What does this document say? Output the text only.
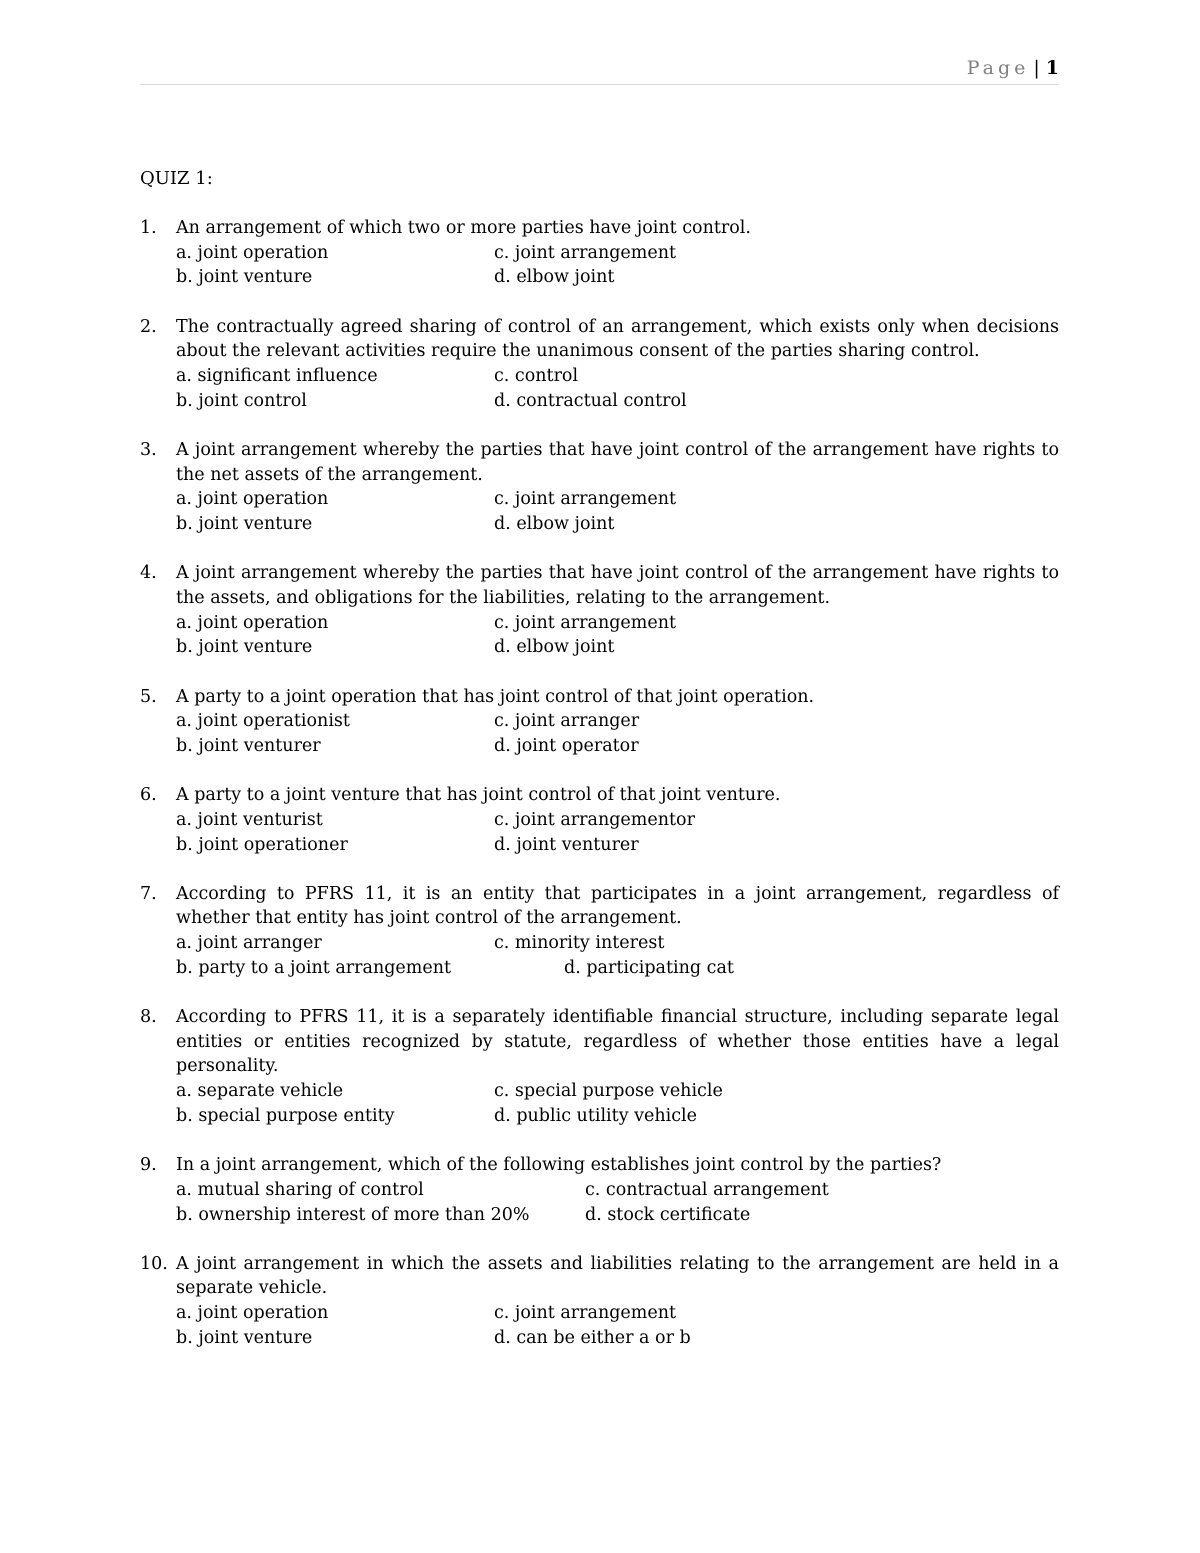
Page | 1
QUIZ 1:
1. An arrangement of which two or more parties have joint control.
a. joint operation	c. joint arrangement
b. joint venture	d. elbow joint
2. The contractually agreed sharing of control of an arrangement, which exists only when decisions about the relevant activities require the unanimous consent of the parties sharing control.
a. significant influence	c. control
b. joint control	d. contractual control
3. A joint arrangement whereby the parties that have joint control of the arrangement have rights to the net assets of the arrangement.
a. joint operation	c. joint arrangement
b. joint venture	d. elbow joint
4. A joint arrangement whereby the parties that have joint control of the arrangement have rights to the assets, and obligations for the liabilities, relating to the arrangement.
a. joint operation	c. joint arrangement
b. joint venture	d. elbow joint
5. A party to a joint operation that has joint control of that joint operation.
a. joint operationist	c. joint arranger
b. joint venturer	d. joint operator
6. A party to a joint venture that has joint control of that joint venture.
a. joint venturist	c. joint arrangementor
b. joint operationer	d. joint venturer
7. According to PFRS 11, it is an entity that participates in a joint arrangement, regardless of whether that entity has joint control of the arrangement.
a. joint arranger	c. minority interest
b. party to a joint arrangement	d. participating cat
8. According to PFRS 11, it is a separately identifiable financial structure, including separate legal entities or entities recognized by statute, regardless of whether those entities have a legal personality.
a. separate vehicle	c. special purpose vehicle
b. special purpose entity	d. public utility vehicle
9. In a joint arrangement, which of the following establishes joint control by the parties?
a. mutual sharing of control	c. contractual arrangement
b. ownership interest of more than 20%	d. stock certificate
10. A joint arrangement in which the assets and liabilities relating to the arrangement are held in a separate vehicle.
a. joint operation	c. joint arrangement
b. joint venture	d. can be either a or b
